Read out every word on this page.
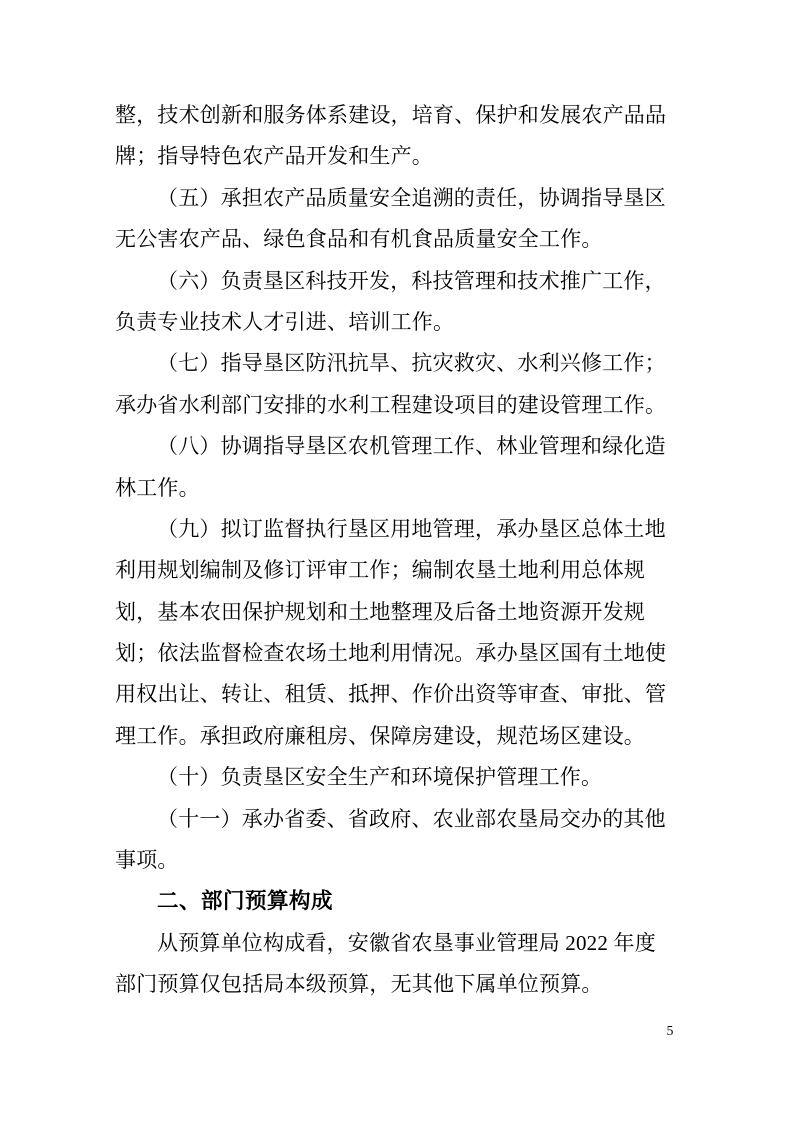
整，技术创新和服务体系建设，培育、保护和发展农产品品
牌；指导特色农产品开发和生产。
（五）承担农产品质量安全追溯的责任，协调指导垦区
无公害农产品、绿色食品和有机食品质量安全工作。
（六）负责垦区科技开发，科技管理和技术推广工作，
负责专业技术人才引进、培训工作。
（七）指导垦区防汛抗旱、抗灾救灾、水利兴修工作；
承办省水利部门安排的水利工程建设项目的建设管理工作。
（八）协调指导垦区农机管理工作、林业管理和绿化造
林工作。
（九）拟订监督执行垦区用地管理，承办垦区总体土地
利用规划编制及修订评审工作；编制农垦土地利用总体规
划，基本农田保护规划和土地整理及后备土地资源开发规
划；依法监督检查农场土地利用情况。承办垦区国有土地使
用权出让、转让、租赁、抵押、作价出资等审查、审批、管
理工作。承担政府廉租房、保障房建设，规范场区建设。
（十）负责垦区安全生产和环境保护管理工作。
（十一）承办省委、省政府、农业部农垦局交办的其他
事项。
二、部门预算构成
从预算单位构成看，安徽省农垦事业管理局 2022 年度
部门预算仅包括局本级预算，无其他下属单位预算。
5
